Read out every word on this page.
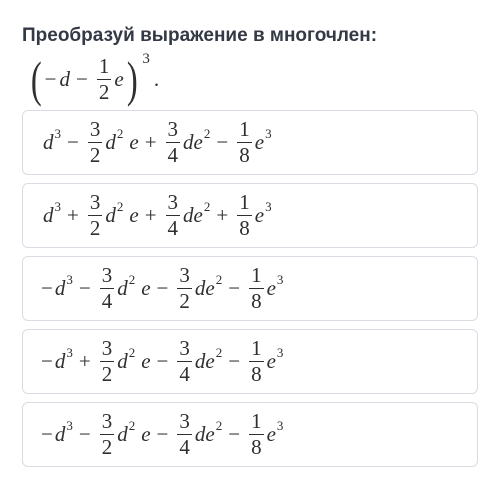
Преобразуй выражение в многочлен:

( − $d - \frac{1}{2}$ e ) 3
.
d $3 - \frac{3}{2}$ d 2 $e + \frac{3}{4}$ de $2 - \frac{1}{8}$ e 3
d $3 + \frac{3}{2}$ d 2 $e + \frac{3}{4}$ de $2 + \frac{1}{8}$ e 3
− d $3 - \frac{3}{4}$ d 2 $e - \frac{3}{2}$ de $2 - \frac{1}{8}$ e 3
− d $3 + \frac{3}{2}$ d 2 $e - \frac{3}{4}$ de $2 - \frac{1}{8}$ e 3
− d $3 - \frac{3}{2}$ d 2 $e - \frac{3}{4}$ de $2 - \frac{1}{8}$ e 3
